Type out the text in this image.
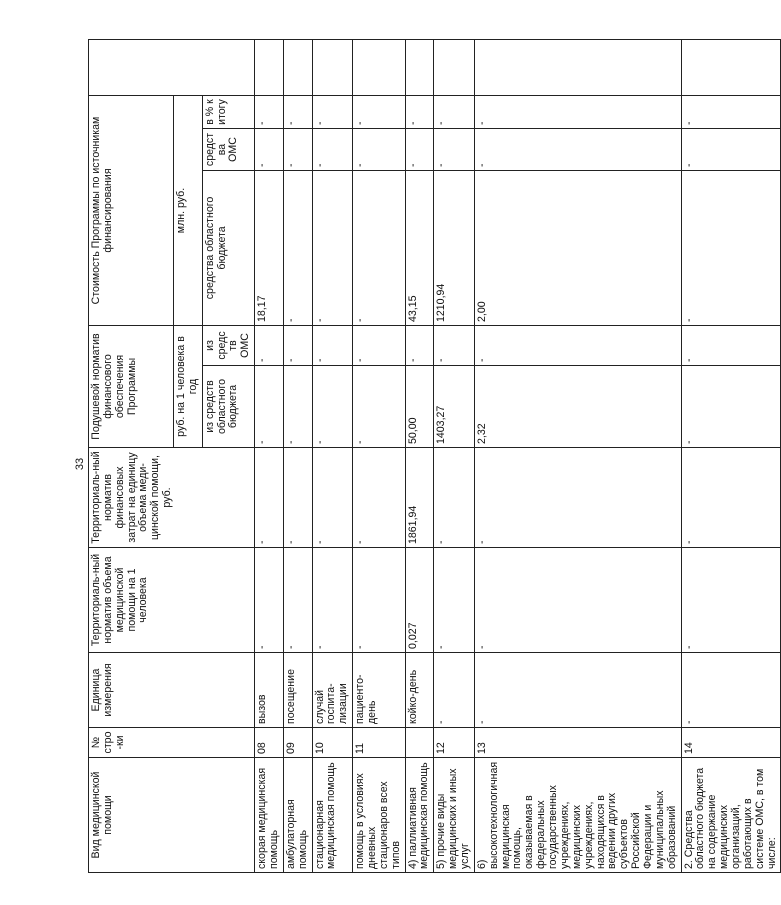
33
Вид медицинской помощи	№ стро-ки	Единица измерения	Территориаль-ный норматив объема медицинской помощи на 1 человека	Территориаль-ный норматив финансовых затрат на единицу объема меди-цинской помощи, руб.	Подушевой норматив финансового обеспечения Программы		Стоимость Программы по источникам финансирования			
					руб. на 1 человека в год		млн. руб.			
					из средств областного бюджета	из средств ОМС	средства областного бюджета	средства ОМС	в % к итогу	
скорая медицинская помощь	08	вызов	-	-	-	-	18,17	-	-	
амбулаторная помощь	09	посещение	-	-	-	-	-	-	-	
стационарная медицинская помощь	10	случай госпита-лизации	-	-	-	-	-	-	-	
помощь в условиях дневных стационаров всех типов	11	пациенто-день	-	-	-	-	-	-	-	
4) паллиативная медицинская помощь		койко-день	0,027	1861,94	50,00	-	43,15	-	-	
5) прочие виды медицинских и иных услуг	12	-	-	-	1403,27	-	1210,94	-	-	
6) высокотехнологичная медицинская помощь, оказываемая в федеральных государственных учреждениях, медицинских учреждениях, находящихся в ведении других субъектов Российской Федерации и муниципальных образований	13	-	-	-	2,32	-	2,00	-	-	
2. Средства областного бюджета на содержание медицинских организаций, работающих в системе ОМС, в том числе:	14	-	-	-	-	-	-	-	-	
